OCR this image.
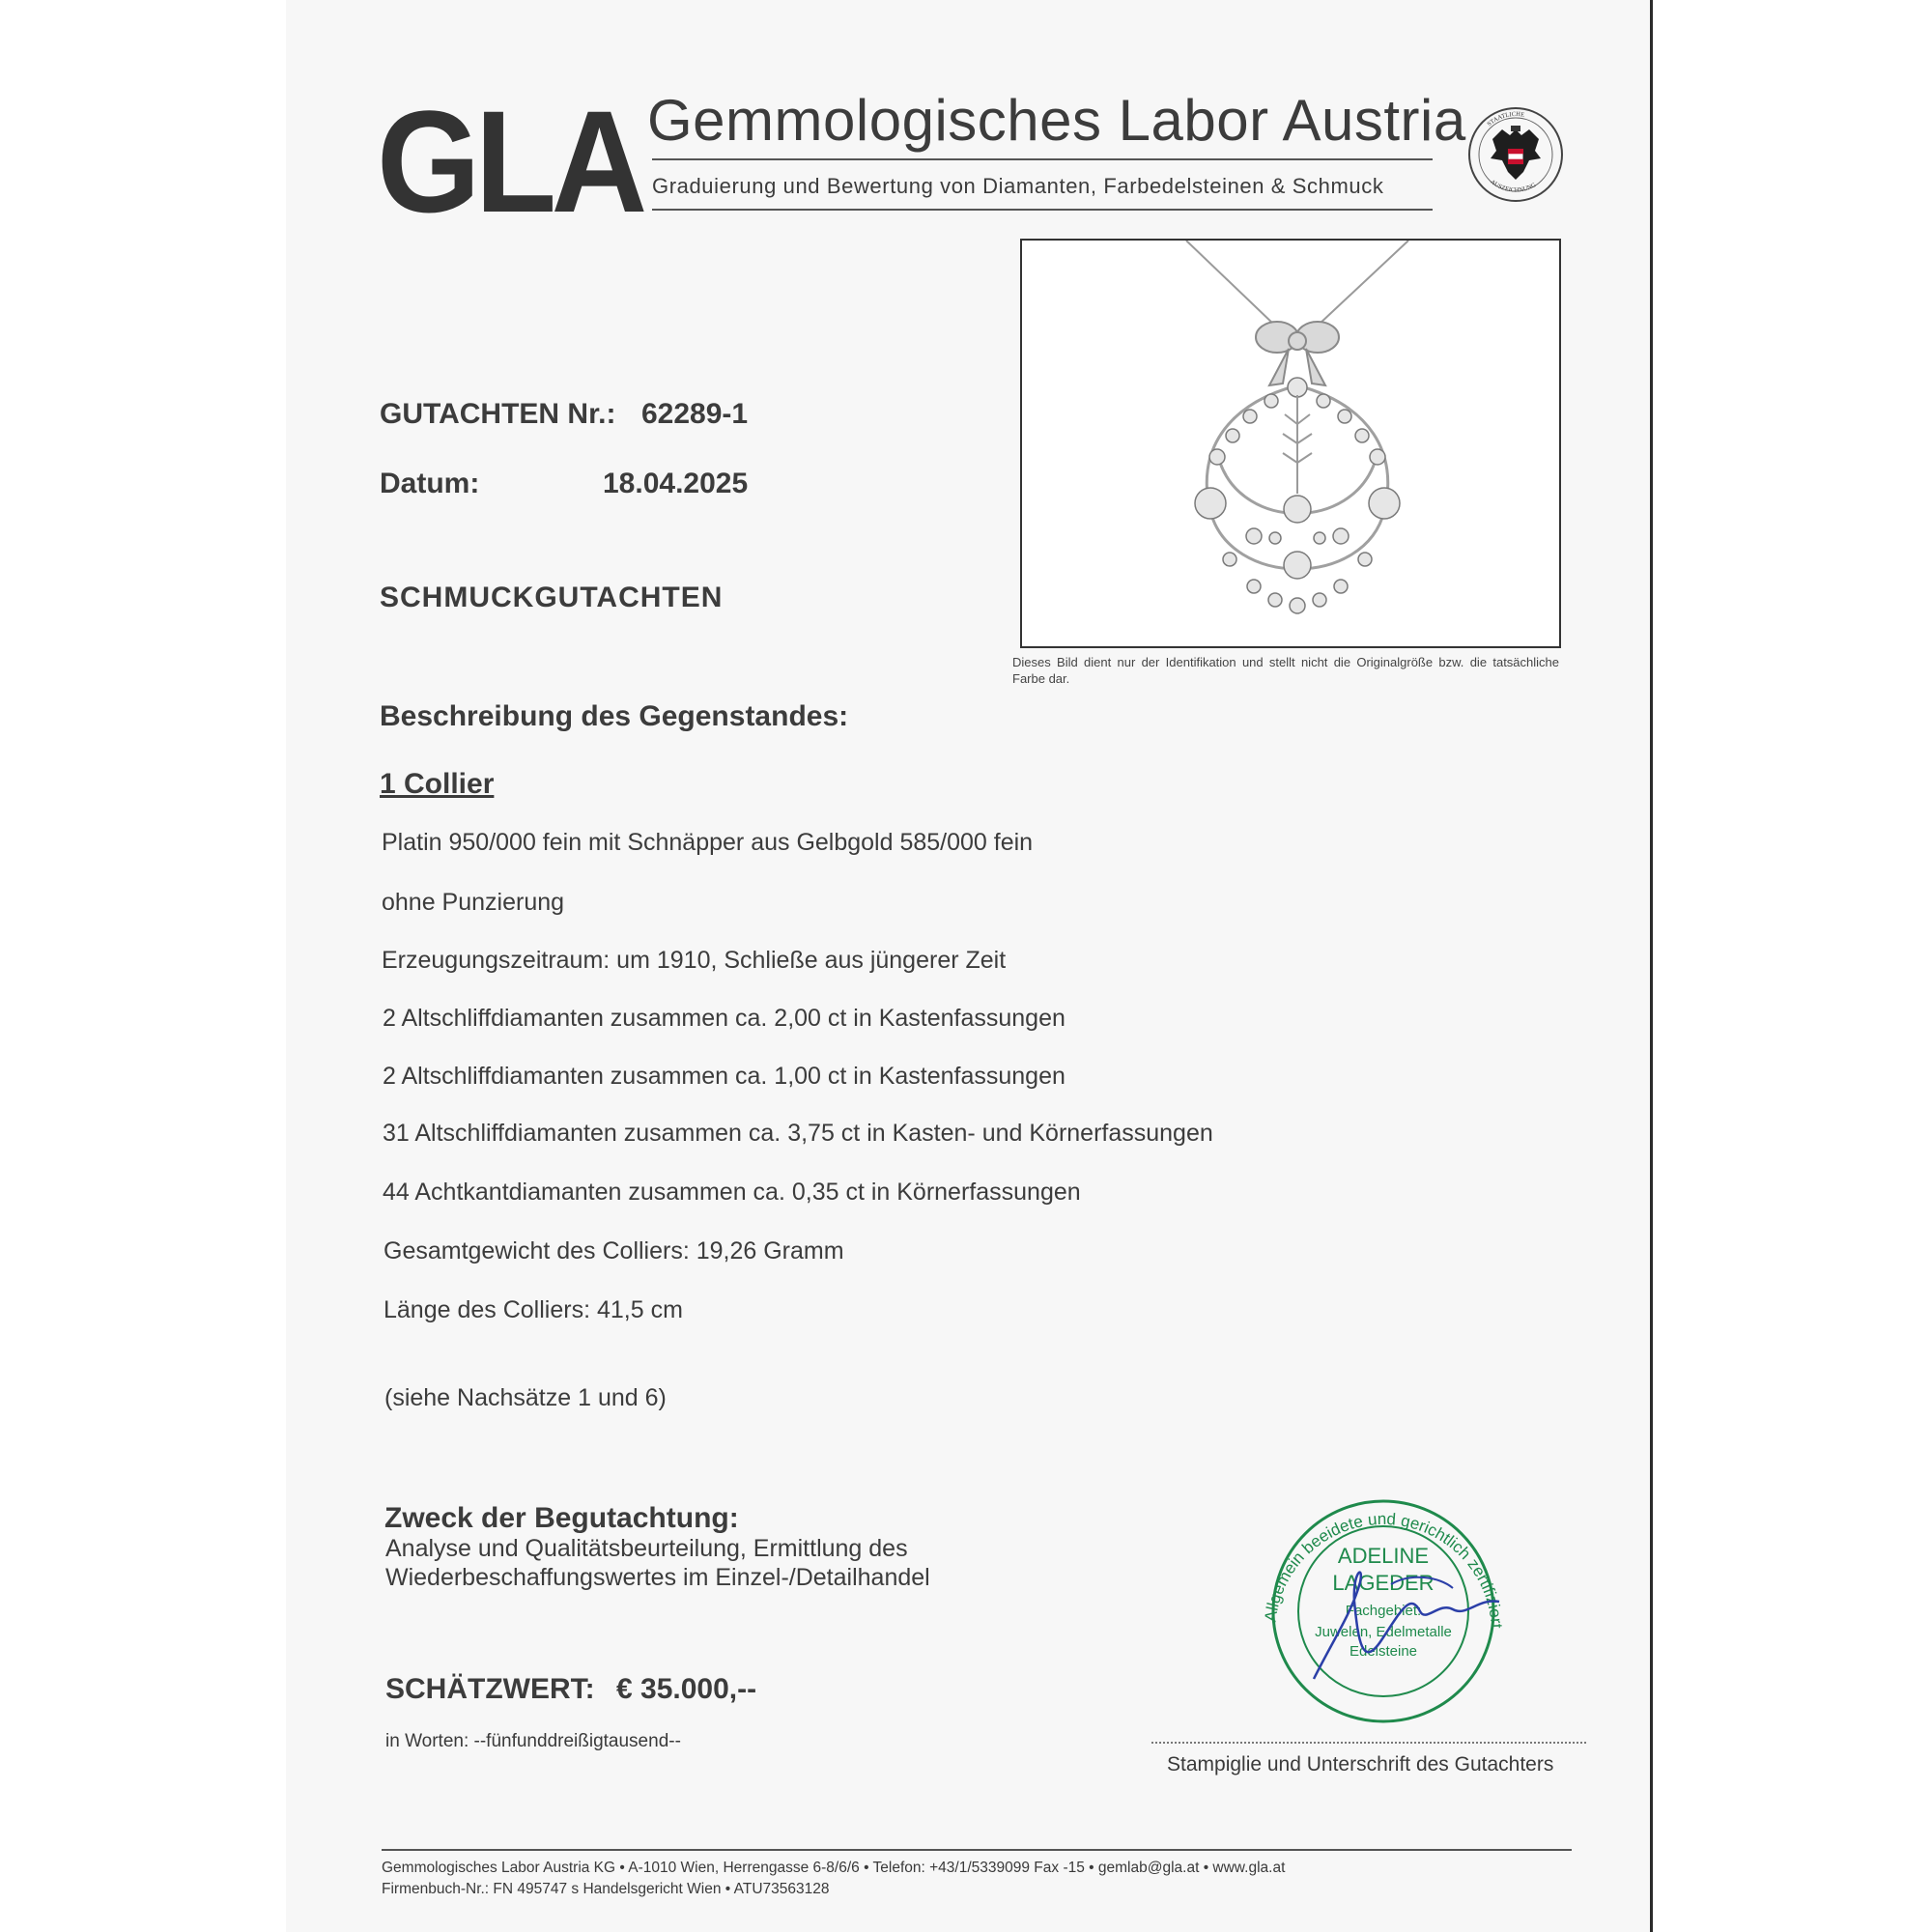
GLA Gemmologisches Labor Austria
Graduierung und Bewertung von Diamanten, Farbedelsteinen & Schmuck
STAATLICHE
AUSZEICHNUNG
Dieses Bild dient nur der Identifikation und stellt nicht die Originalgröße bzw. die tatsächliche Farbe dar.
GUTACHTEN Nr.: 62289-1
Datum:	18.04.2025
SCHMUCKGUTACHTEN
Beschreibung des Gegenstandes:
1 Collier
Platin 950/000 fein mit Schnäpper aus Gelbgold 585/000 fein
ohne Punzierung
Erzeugungszeitraum: um 1910, Schließe aus jüngerer Zeit
2 Altschliffdiamanten zusammen ca. 2,00 ct in Kastenfassungen
2 Altschliffdiamanten zusammen ca. 1,00 ct in Kastenfassungen
31 Altschliffdiamanten zusammen ca. 3,75 ct in Kasten- und Körnerfassungen
44 Achtkantdiamanten zusammen ca. 0,35 ct in Körnerfassungen
Gesamtgewicht des Colliers: 19,26 Gramm
Länge des Colliers: 41,5 cm
(siehe Nachsätze 1 und 6)
Zweck der Begutachtung:
Analyse und Qualitätsbeurteilung, Ermittlung des
Wiederbeschaffungswertes im Einzel-/Detailhandel
SCHÄTZWERT: € 35.000,--
in Worten: --fünfunddreißigtausend--
Allgemein beeidete und gerichtlich zertifiziert
ADELINE
LAGEDER
Fachgebiet:
Juwelen, Edelmetalle
Edelsteine
Stampiglie und Unterschrift des Gutachters
Gemmologisches Labor Austria KG • A-1010 Wien, Herrengasse 6-8/6/6 • Telefon: +43/1/5339099 Fax -15 • gemlab@gla.at • www.gla.at
Firmenbuch-Nr.: FN 495747 s Handelsgericht Wien • ATU73563128
